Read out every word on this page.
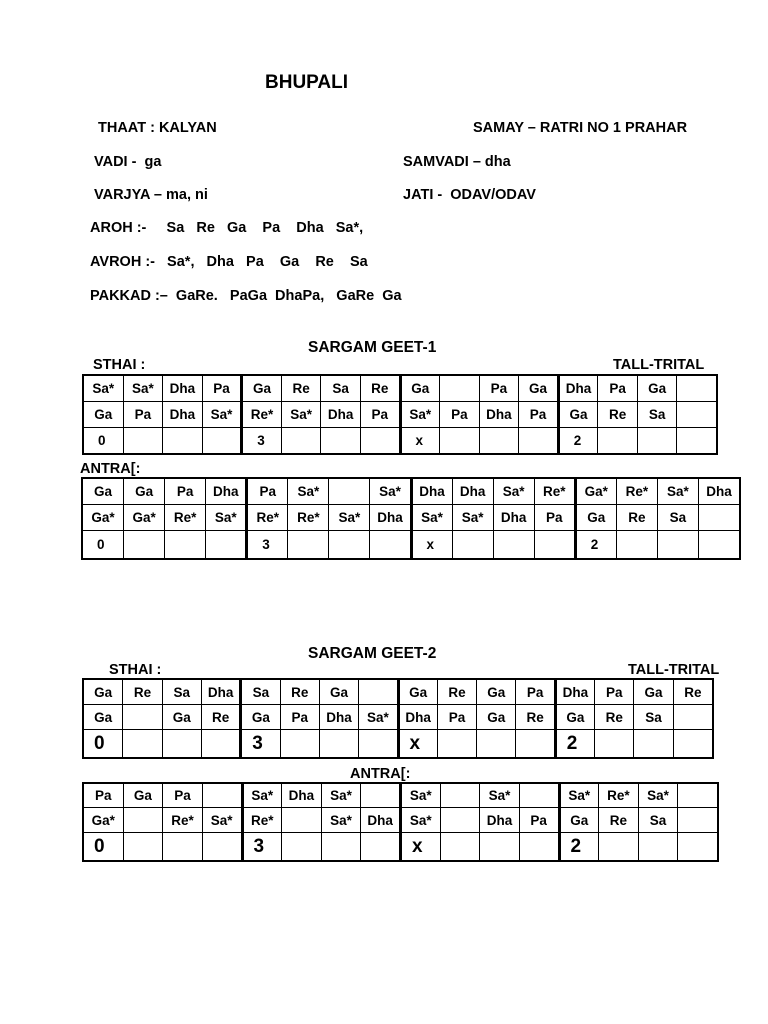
BHUPALI
THAAT : KALYAN	SAMAY – RATRI NO 1 PRAHAR
VADI -  ga	SAMVADI – dha
VARJYA – ma, ni	JATI -  ODAV/ODAV
AROH :-     Sa   Re   Ga    Pa    Dha   Sa*,
AVROH :-   Sa*,   Dha   Pa    Ga    Re    Sa
PAKKAD :–  GaRe.   PaGa  DhaPa,   GaRe  Ga
SARGAM GEET-1
STHAI :	TALL-TRITAL
Sa*	Sa*	Dha	Pa	Ga	Re	Sa	Re	Ga		Pa	Ga	Dha	Pa	Ga	
Ga	Pa	Dha	Sa*	Re*	Sa*	Dha	Pa	Sa*	Pa	Dha	Pa	Ga	Re	Sa	
0				3				x				2			
ANTRA[:
Ga	Ga	Pa	Dha	Pa	Sa*		Sa*	Dha	Dha	Sa*	Re*	Ga*	Re*	Sa*	Dha
Ga*	Ga*	Re*	Sa*	Re*	Re*	Sa*	Dha	Sa*	Sa*	Dha	Pa	Ga	Re	Sa	
0				3				x				2			
SARGAM GEET-2
STHAI :	TALL-TRITAL
Ga	Re	Sa	Dha	Sa	Re	Ga		Ga	Re	Ga	Pa	Dha	Pa	Ga	Re
Ga		Ga	Re	Ga	Pa	Dha	Sa*	Dha	Pa	Ga	Re	Ga	Re	Sa	
0				3				x				2			
ANTRA[:
Pa	Ga	Pa		Sa*	Dha	Sa*		Sa*		Sa*		Sa*	Re*	Sa*	
Ga*		Re*	Sa*	Re*		Sa*	Dha	Sa*		Dha	Pa	Ga	Re	Sa	
0				3				x				2			
